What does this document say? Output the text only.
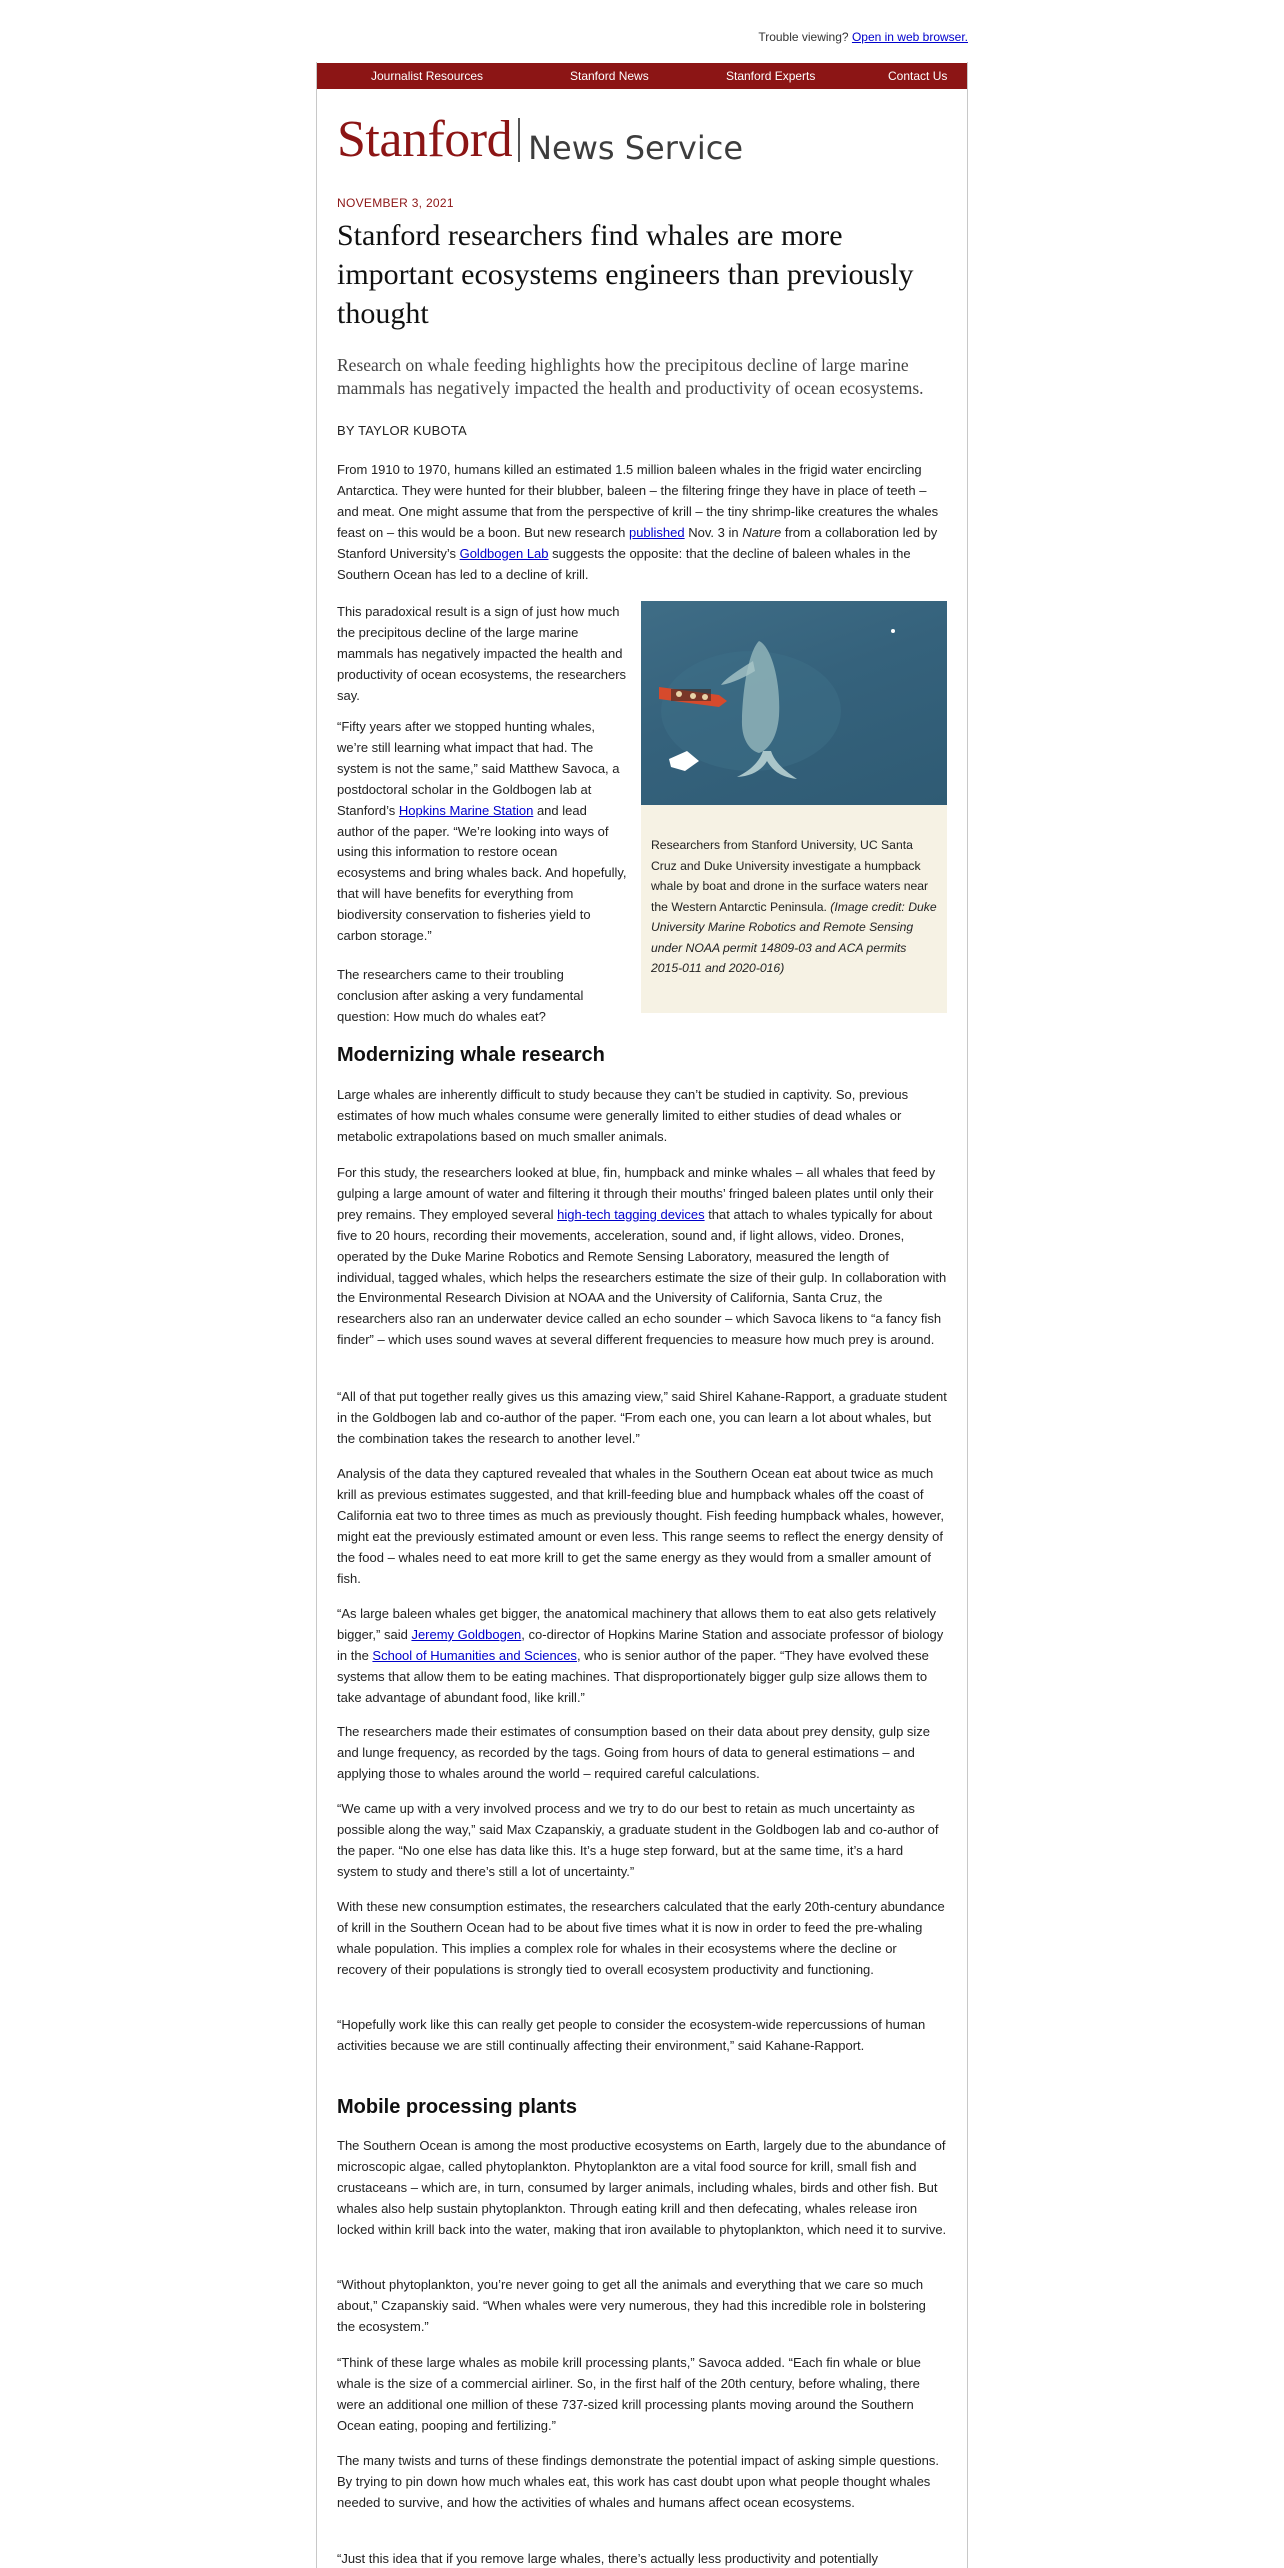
Trouble viewing? Open in web browser.
Journalist Resources	Stanford News	Stanford Experts	Contact Us
Stanford News Service
NOVEMBER 3, 2021
Stanford researchers find whales are more important ecosystems engineers than previously thought
Research on whale feeding highlights how the precipitous decline of large marine mammals has negatively impacted the health and productivity of ocean ecosystems.
BY TAYLOR KUBOTA

From 1910 to 1970, humans killed an estimated 1.5 million baleen whales in the frigid water encircling Antarctica. They were hunted for their blubber, baleen – the filtering fringe they have in place of teeth – and meat. One might assume that from the perspective of krill – the tiny shrimp-like creatures the whales feast on – this would be a boon. But new research published Nov. 3 in Nature from a collaboration led by Stanford University’s Goldbogen Lab suggests the opposite: that the decline of baleen whales in the Southern Ocean has led to a decline of krill.

This paradoxical result is a sign of just how much the precipitous decline of the large marine mammals has negatively impacted the health and productivity of ocean ecosystems, the researchers say.

“Fifty years after we stopped hunting whales, we’re still learning what impact that had. The system is not the same,” said Matthew Savoca, a postdoctoral scholar in the Goldbogen lab at Stanford’s Hopkins Marine Station and lead author of the paper. “We’re looking into ways of using this information to restore ocean ecosystems and bring whales back. And hopefully, that will have benefits for everything from biodiversity conservation to fisheries yield to carbon storage.”

The researchers came to their troubling conclusion after asking a very fundamental question: How much do whales eat?

Researchers from Stanford University, UC Santa Cruz and Duke University investigate a humpback whale by boat and drone in the surface waters near the Western Antarctic Peninsula. (Image credit: Duke University Marine Robotics and Remote Sensing under NOAA permit 14809-03 and ACA permits 2015-011 and 2020-016)
Modernizing whale research

Large whales are inherently difficult to study because they can’t be studied in captivity. So, previous estimates of how much whales consume were generally limited to either studies of dead whales or metabolic extrapolations based on much smaller animals.

For this study, the researchers looked at blue, fin, humpback and minke whales – all whales that feed by gulping a large amount of water and filtering it through their mouths’ fringed baleen plates until only their prey remains. They employed several high-tech tagging devices that attach to whales typically for about five to 20 hours, recording their movements, acceleration, sound and, if light allows, video. Drones, operated by the Duke Marine Robotics and Remote Sensing Laboratory, measured the length of individual, tagged whales, which helps the researchers estimate the size of their gulp. In collaboration with the Environmental Research Division at NOAA and the University of California, Santa Cruz, the researchers also ran an underwater device called an echo sounder – which Savoca likens to “a fancy fish finder” – which uses sound waves at several different frequencies to measure how much prey is around.

“All of that put together really gives us this amazing view,” said Shirel Kahane-Rapport, a graduate student in the Goldbogen lab and co-author of the paper. “From each one, you can learn a lot about whales, but the combination takes the research to another level.”

Analysis of the data they captured revealed that whales in the Southern Ocean eat about twice as much krill as previous estimates suggested, and that krill-feeding blue and humpback whales off the coast of California eat two to three times as much as previously thought. Fish feeding humpback whales, however, might eat the previously estimated amount or even less. This range seems to reflect the energy density of the food – whales need to eat more krill to get the same energy as they would from a smaller amount of fish.

“As large baleen whales get bigger, the anatomical machinery that allows them to eat also gets relatively bigger,” said Jeremy Goldbogen, co-director of Hopkins Marine Station and associate professor of biology in the School of Humanities and Sciences, who is senior author of the paper. “They have evolved these systems that allow them to be eating machines. That disproportionately bigger gulp size allows them to take advantage of abundant food, like krill.”

The researchers made their estimates of consumption based on their data about prey density, gulp size and lunge frequency, as recorded by the tags. Going from hours of data to general estimations – and applying those to whales around the world – required careful calculations.

“We came up with a very involved process and we try to do our best to retain as much uncertainty as possible along the way,” said Max Czapanskiy, a graduate student in the Goldbogen lab and co-author of the paper. “No one else has data like this. It’s a huge step forward, but at the same time, it’s a hard system to study and there’s still a lot of uncertainty.”

With these new consumption estimates, the researchers calculated that the early 20th-century abundance of krill in the Southern Ocean had to be about five times what it is now in order to feed the pre-whaling whale population. This implies a complex role for whales in their ecosystems where the decline or recovery of their populations is strongly tied to overall ecosystem productivity and functioning.

“Hopefully work like this can really get people to consider the ecosystem-wide repercussions of human activities because we are still continually affecting their environment,” said Kahane-Rapport.

Mobile processing plants

The Southern Ocean is among the most productive ecosystems on Earth, largely due to the abundance of microscopic algae, called phytoplankton. Phytoplankton are a vital food source for krill, small fish and crustaceans – which are, in turn, consumed by larger animals, including whales, birds and other fish. But whales also help sustain phytoplankton. Through eating krill and then defecating, whales release iron locked within krill back into the water, making that iron available to phytoplankton, which need it to survive.

“Without phytoplankton, you’re never going to get all the animals and everything that we care so much about,” Czapanskiy said. “When whales were very numerous, they had this incredible role in bolstering the ecosystem.”

“Think of these large whales as mobile krill processing plants,” Savoca added. “Each fin whale or blue whale is the size of a commercial airliner. So, in the first half of the 20th century, before whaling, there were an additional one million of these 737-sized krill processing plants moving around the Southern Ocean eating, pooping and fertilizing.”

The many twists and turns of these findings demonstrate the potential impact of asking simple questions. By trying to pin down how much whales eat, this work has cast doubt upon what people thought whales needed to survive, and how the activities of whales and humans affect ocean ecosystems.

“Just this idea that if you remove large whales, there’s actually less productivity and potentially
